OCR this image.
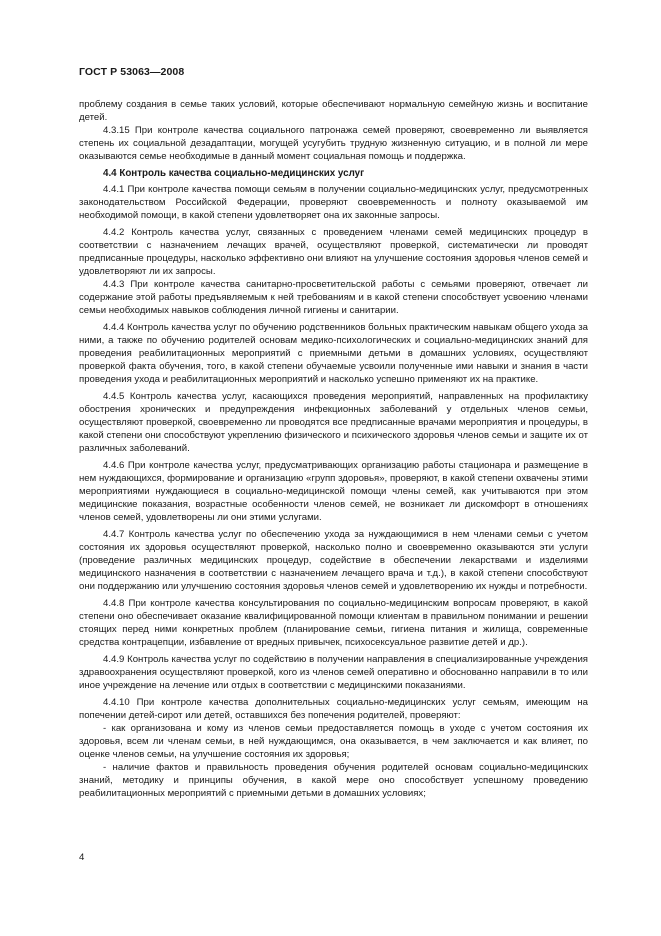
ГОСТ Р 53063—2008

проблему создания в семье таких условий, которые обеспечивают нормальную семейную жизнь и воспитание детей.

4.3.15 При контроле качества социального патронажа семей проверяют, своевременно ли выявляется степень их социальной дезадаптации, могущей усугубить трудную жизненную ситуацию, и в полной ли мере оказываются семье необходимые в данный момент социальная помощь и поддержка.

4.4 Контроль качества социально-медицинских услуг

4.4.1 При контроле качества помощи семьям в получении социально-медицинских услуг, предусмотренных законодательством Российской Федерации, проверяют своевременность и полноту оказываемой им необходимой помощи, в какой степени удовлетворяет она их законные запросы.

4.4.2 Контроль качества услуг, связанных с проведением членами семей медицинских процедур в соответствии с назначением лечащих врачей, осуществляют проверкой, систематически ли проводят предписанные процедуры, насколько эффективно они влияют на улучшение состояния здоровья членов семей и удовлетворяют ли их запросы.

4.4.3 При контроле качества санитарно-просветительской работы с семьями проверяют, отвечает ли содержание этой работы предъявляемым к ней требованиям и в какой степени способствует усвоению членами семьи необходимых навыков соблюдения личной гигиены и санитарии.

4.4.4 Контроль качества услуг по обучению родственников больных практическим навыкам общего ухода за ними, а также по обучению родителей основам медико-психологических и социально-медицинских знаний для проведения реабилитационных мероприятий с приемными детьми в домашних условиях, осуществляют проверкой факта обучения, того, в какой степени обучаемые усвоили полученные ими навыки и знания в части проведения ухода и реабилитационных мероприятий и насколько успешно применяют их на практике.

4.4.5 Контроль качества услуг, касающихся проведения мероприятий, направленных на профилактику обострения хронических и предупреждения инфекционных заболеваний у отдельных членов семьи, осуществляют проверкой, своевременно ли проводятся все предписанные врачами мероприятия и процедуры, в какой степени они способствуют укреплению физического и психического здоровья членов семьи и защите их от различных заболеваний.

4.4.6 При контроле качества услуг, предусматривающих организацию работы стационара и размещение в нем нуждающихся, формирование и организацию «групп здоровья», проверяют, в какой степени охвачены этими мероприятиями нуждающиеся в социально-медицинской помощи члены семей, как учитываются при этом медицинские показания, возрастные особенности членов семей, не возникает ли дискомфорт в отношениях членов семей, удовлетворены ли они этими услугами.

4.4.7 Контроль качества услуг по обеспечению ухода за нуждающимися в нем членами семьи с учетом состояния их здоровья осуществляют проверкой, насколько полно и своевременно оказываются эти услуги (проведение различных медицинских процедур, содействие в обеспечении лекарствами и изделиями медицинского назначения в соответствии с назначением лечащего врача и т.д.), в какой степени способствуют они поддержанию или улучшению состояния здоровья членов семей и удовлетворению их нужды и потребности.

4.4.8 При контроле качества консультирования по социально-медицинским вопросам проверяют, в какой степени оно обеспечивает оказание квалифицированной помощи клиентам в правильном понимании и решении стоящих перед ними конкретных проблем (планирование семьи, гигиена питания и жилища, современные средства контрацепции, избавление от вредных привычек, психосексуальное развитие детей и др.).

4.4.9 Контроль качества услуг по содействию в получении направления в специализированные учреждения здравоохранения осуществляют проверкой, кого из членов семей оперативно и обоснованно направили в то или иное учреждение на лечение или отдых в соответствии с медицинскими показаниями.

4.4.10 При контроле качества дополнительных социально-медицинских услуг семьям, имеющим на попечении детей-сирот или детей, оставшихся без попечения родителей, проверяют:

- как организована и кому из членов семьи предоставляется помощь в уходе с учетом состояния их здоровья, всем ли членам семьи, в ней нуждающимся, она оказывается, в чем заключается и как влияет, по оценке членов семьи, на улучшение состояния их здоровья;

- наличие фактов и правильность проведения обучения родителей основам социально-медицинских знаний, методику и принципы обучения, в какой мере оно способствует успешному проведению реабилитационных мероприятий с приемными детьми в домашних условиях;

4
